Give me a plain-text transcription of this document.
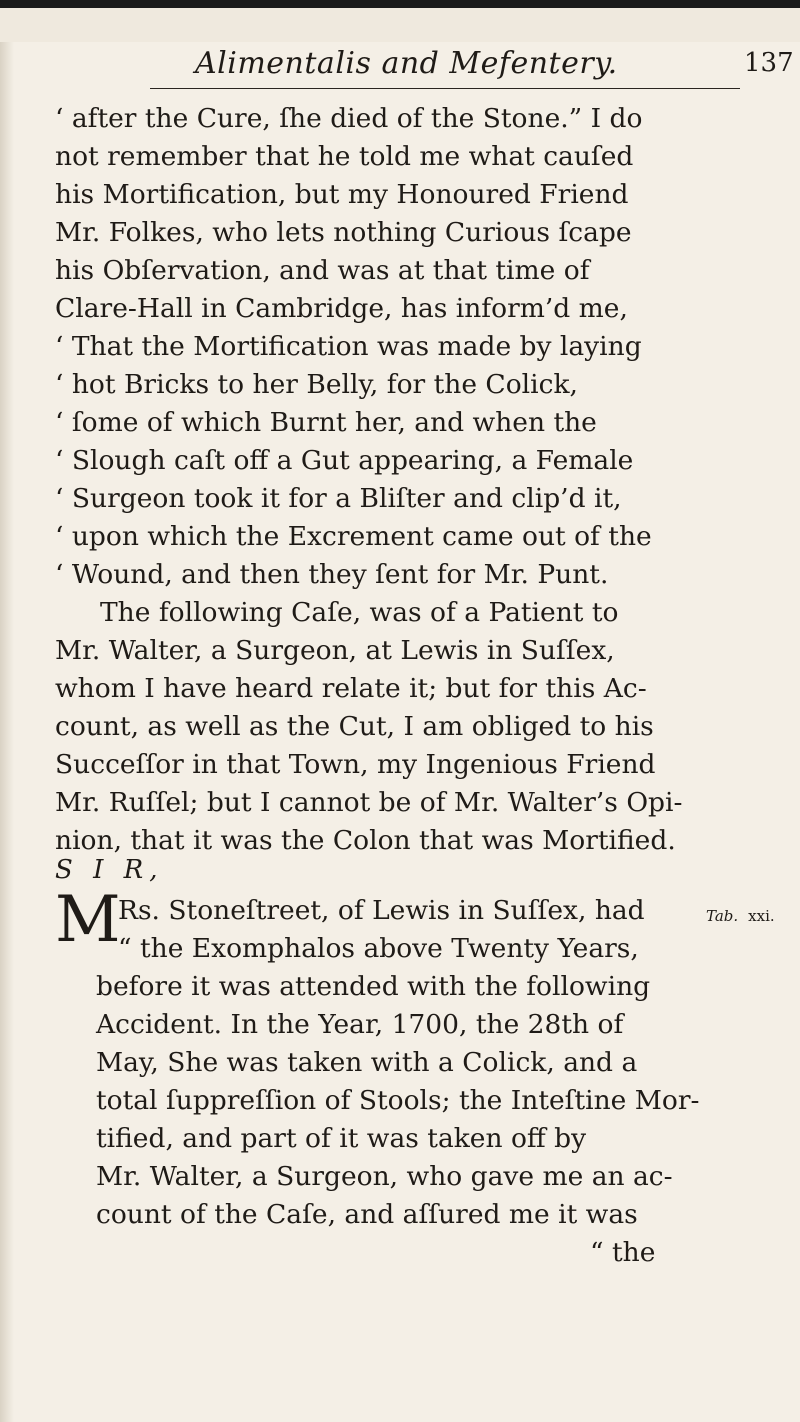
Alimentalis and Mefentery.	137
‘ after the Cure, ſhe died of the Stone.” I do
not remember that he told me what cauſed
his Mortification, but my Honoured Friend
Mr. Folkes, who lets nothing Curious ſcape
his Obſervation, and was at that time of
Clare-Hall in Cambridge, has inform’d me,
‘ That the Mortification was made by laying
‘ hot Bricks to her Belly, for the Colick,
‘ ſome of which Burnt her, and when the
‘ Slough caſt off a Gut appearing, a Female
‘ Surgeon took it for a Bliſter and clip’d it,
‘ upon which the Excrement came out of the
‘ Wound, and then they ſent for Mr. Punt.
The following Caſe, was of a Patient to
Mr. Walter, a Surgeon, at Lewis in Suſſex,
whom I have heard relate it; but for this Ac-
count, as well as the Cut, I am obliged to his
Succeſſor in that Town, my Ingenious Friend
Mr. Ruſſel; but I cannot be of Mr. Walter’s Opi-
nion, that it was the Colon that was Mortified.
S I R,
M	Tab. xxi.
Rs. Stoneſtreet, of Lewis in Suſſex, had
“ the Exomphalos above Twenty Years,
before it was attended with the following
Accident. In the Year, 1700, the 28th of
May, She was taken with a Colick, and a
total ſuppreſſion of Stools; the Inteſtine Mor-
tified, and part of it was taken off by
Mr. Walter, a Surgeon, who gave me an ac-
count of the Caſe, and aſſured me it was
“ the
